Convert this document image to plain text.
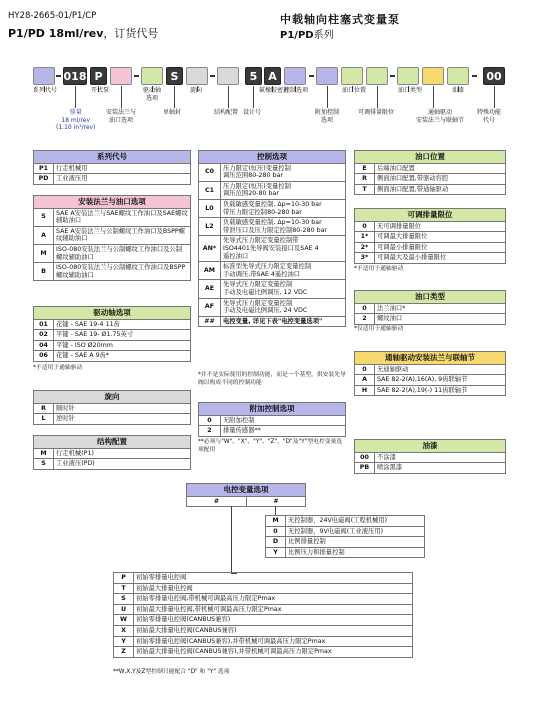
HY28-2665-01/P1/CP
P1/PD 18ml/rev，订货代号
中载轴向柱塞式变量泵
P1/PD系列
018 P	S	5 A	00
系列代号	开式泵	驱动轴
选项
旋向	氟橡胶密封
控制选项	油口位置	油口类型	油漆
排量
18 ml/rev
(1.10 in³/rev)
安装法兰与
油口选项
单轴封	结构配置 设计号	附加控制
选项
可调排量限位	通轴驱动
安装法兰与联轴节
特殊功能
代号
系列代号	
P1	行走机械用
PD	工业液压用
安装法兰与油口选项	
S	SAE A安装法兰与SAE螺纹工作油口及SAE螺纹辅助油口
A	SAE A安装法兰与公制螺纹工作油口及BSPP螺纹辅助油口
M	ISO-080安装法兰与公制螺纹工作油口及公制螺纹辅助油口
B	ISO-080安装法兰与公制螺纹工作油口及BSPP螺纹辅助油口
驱动轴选项	
01	花键 - SAE 19-4 11齿
02	平键 - SAE 19- Ø1.75英寸
04	平键 - ISO Ø20mm
06	花键 - SAE A 9齿*
*不适用于通轴驱动
旋向	
R	顺时针
L	逆时针
结构配置	
M	行走机械(P1)
S	工业液压(PD)
控制选项	
C0	压力限定(恒压)变量控制
调压范围80-280 bar
C1	压力限定(恒压)变量控制
调压范围20-80 bar
L0	负载敏感变量控制, Δp=10-30 bar
带压力限定控制80-280 bar
L2	负载敏感变量控制, Δp=10-30 bar
带泄压口及压力限定控制80-280 bar
AN*	先导式压力限定变量控制带
ISO4401先导阀安装接口及SAE 4
遥控油口
AM	标准型先导式压力限定变量控制
手动调压,带SAE 4遥控油口
AE	先导式压力限定变量控制
手动及电磁比例调压, 12 VDC
AF	先导式压力限定变量控制
手动及电磁比例调压, 24 VDC
##	电控变量, 详见下表"电控变量选项"
*并不是实际使用的控制功能，而是一个基型，供安装先导阀以构成不同的控制功能
附加控制选项	
0	无附加控制
2	排量传感器**
**必须与"W"、"X"、"Y"、"Z"、"D"及"Y"型电控变量选项配用
油口位置	
E	后端油口配置
R	侧面油口配置,带驱动容腔
T	侧面油口配置,带通轴驱动
可调排量限位	
0	无可调排量限位
1*	可调最大排量限位
2*	可调最小排量限位
3*	可调最大及最小排量限位
*不适用于通轴驱动
油口类型	
0	法兰油口*
2	螺纹油口
*仅适用于通轴驱动
通轴驱动安装法兰与联轴节	
0	无通轴驱动
A	SAE 82-2(A),16(A), 9齿联轴节
H	SAE 82-2(A),19(-) 11齿联轴节
油漆	
00	不涂漆
PB	喷涂黑漆
电控变量选项
#	#
M	无控制器，24V电磁阀(工程机械用)
0	无控制器，9V电磁阀(工业液压用)
D	比例排量控制
Y	比例压力和排量控制
P	初始零排量电控阀
T	初始最大排量电控阀
S	初始零排量电控阀,带机械可调最高压力限定Pmax
U	初始最大排量电控阀,带机械可调最高压力限定Pmax
W	初始零排量电控阀(CANBUS兼容)
X	初始最大排量电控阀(CANBUS兼容)
Y	初始零排量电控阀(CANBUS兼容),并带机械可调最高压力限定Pmax
Z	初始最大排量电控阀(CANBUS兼容),并带机械可调最高压力限定Pmax
**W,X,Y及Z型控制只能配合 "D" 和 "Y" 选项
